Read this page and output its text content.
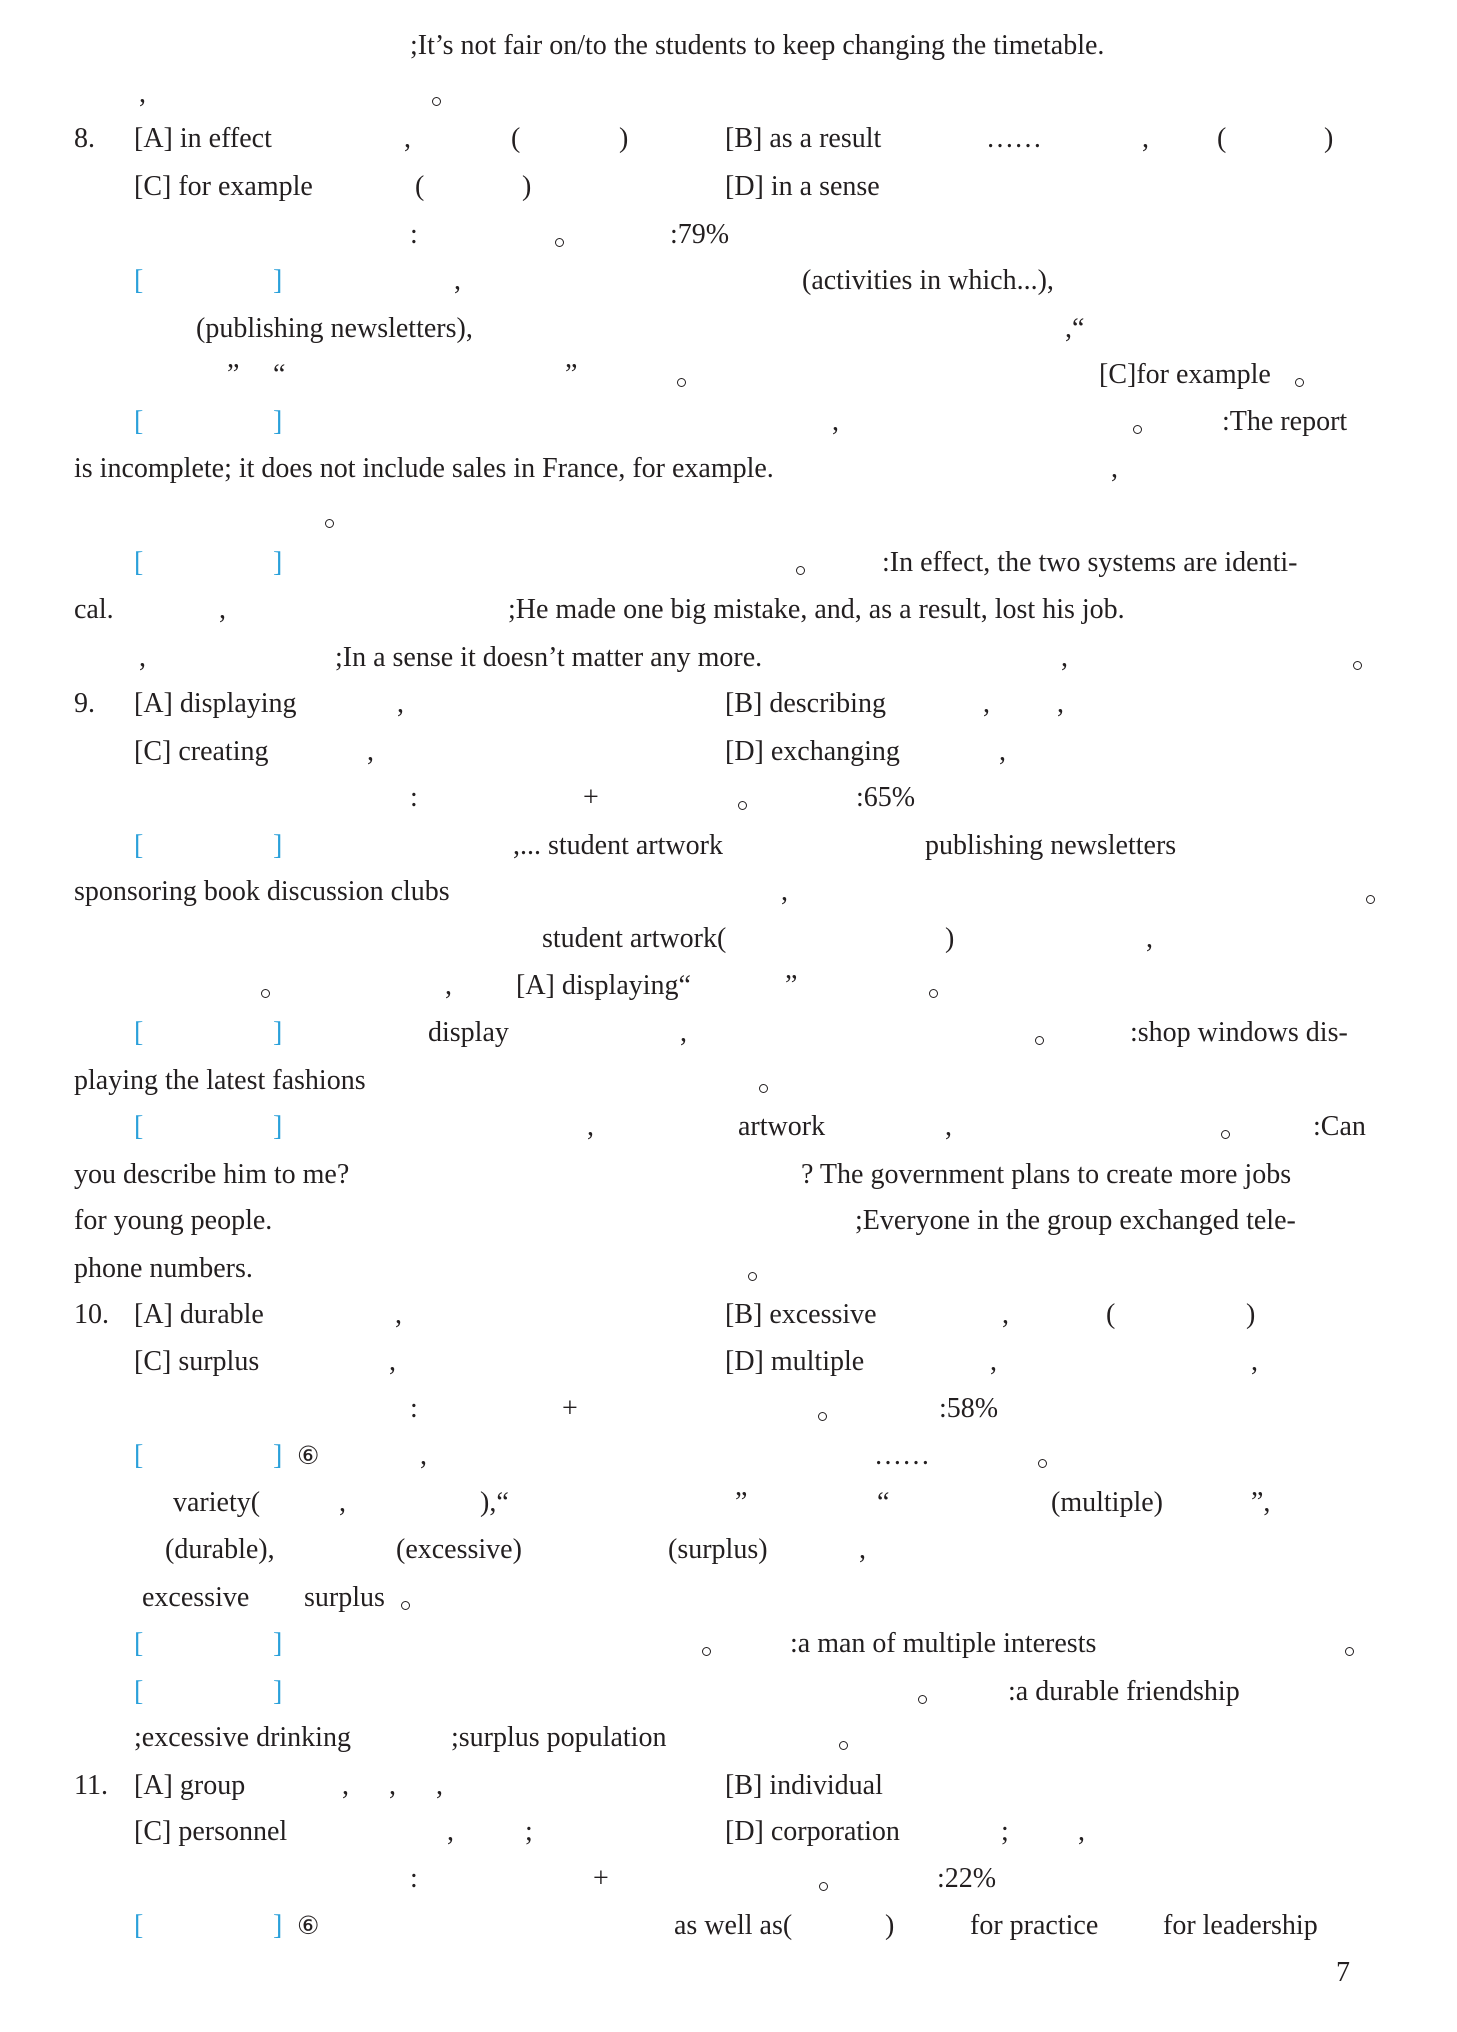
;It’s not fair on/to the students to keep changing the timetable.
,
8. [A] in effect	,	(	)	[B] as a result	……	, (	)
[C] for example	(	)	[D] in a sense
:	:79%
[	]	,	(activities in which...),
(publishing newsletters),	,“
” “	”	[C]for example
[	]	,	:The report
is incomplete; it does not include sales in France, for example.	,
[	]	:In effect, the two systems are identi-
cal.	,	;He made one big mistake, and, as a result, lost his job.
,	;In a sense it doesn’t matter any more.	,
9. [A] displaying	,	[B] describing	, ,
[C] creating	,	[D] exchanging	,
:	+	:65%
[	]	,... student artwork	publishing newsletters
sponsoring book discussion clubs	,
student artwork(	)	,
, [A] displaying“	”
[	]	display	,	:shop windows dis-
playing the latest fashions
[	]	,	artwork	,	:Can
you describe him to me?	? The government plans to create more jobs
for young people.	;Everyone in the group exchanged tele-
phone numbers.
10. [A] durable	,	[B] excessive	,	(	)
[C] surplus	,	[D] multiple	,	,
:	+	:58%
[	] ⑥	,	……
variety(	,	),“	”	“	(multiple)	”,
(durable),	(excessive)	(surplus)	,
excessive surplus
[	]	:a man of multiple interests
[	]	:a durable friendship
;excessive drinking	;surplus population
11. [A] group	, , ,	[B] individual
[C] personnel	,	;	[D] corporation	; ,
:	+	:22%
[	] ⑥	as well as(	)	for practice for leadership
7
